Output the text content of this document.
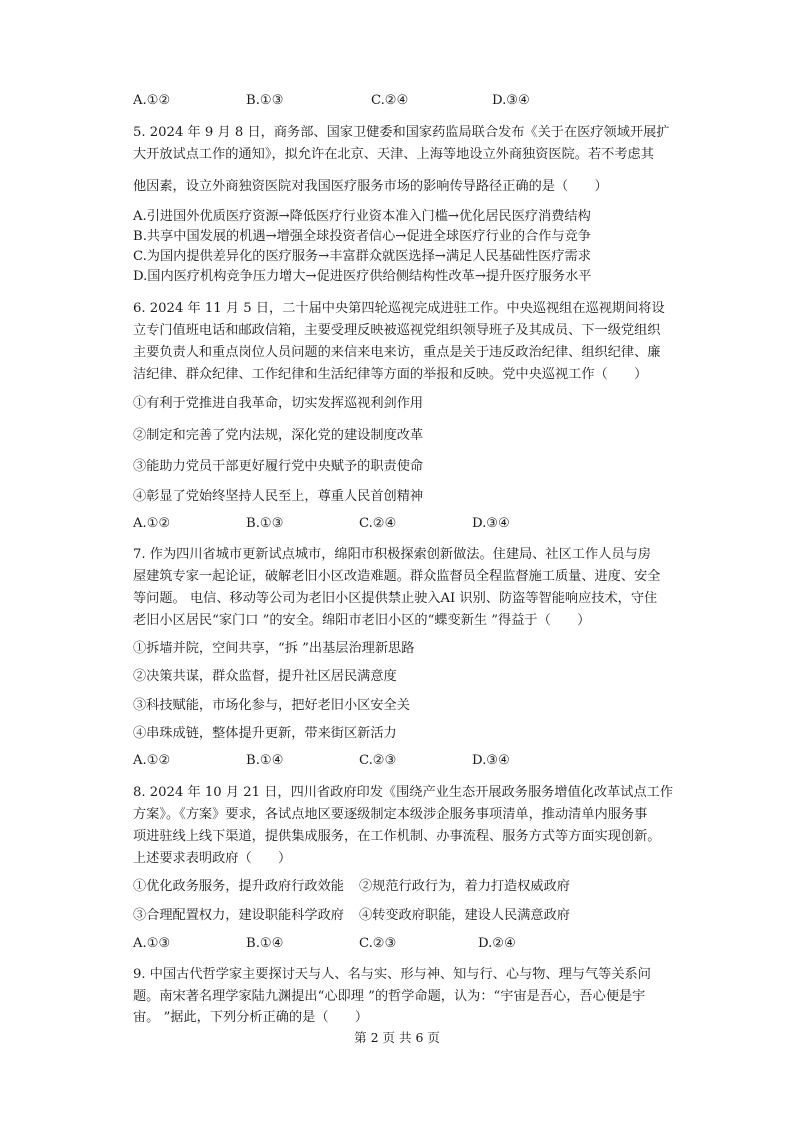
A.①②	B.①③	C.②④	D.③④
5. 2024 年 9 月 8 日，商务部、国家卫健委和国家药监局联合发布《关于在医疗领域开展扩
大开放试点工作的通知》，拟允许在北京、天津、上海等地设立外商独资医院。若不考虑其
他因素，设立外商独资医院对我国医疗服务市场的影响传导路径正确的是（　　）
A.引进国外优质医疗资源→降低医疗行业资本准入门槛→优化居民医疗消费结构
B.共享中国发展的机遇→增强全球投资者信心→促进全球医疗行业的合作与竞争
C.为国内提供差异化的医疗服务→丰富群众就医选择→满足人民基础性医疗需求
D.国内医疗机构竞争压力增大→促进医疗供给侧结构性改革→提升医疗服务水平
6. 2024 年 11 月 5 日，二十届中央第四轮巡视完成进驻工作。中央巡视组在巡视期间将设
立专门值班电话和邮政信箱，主要受理反映被巡视党组织领导班子及其成员、下一级党组织
主要负责人和重点岗位人员问题的来信来电来访，重点是关于违反政治纪律、组织纪律、廉
洁纪律、群众纪律、工作纪律和生活纪律等方面的举报和反映。党中央巡视工作（　　）
①有利于党推进自我革命，切实发挥巡视利剑作用
②制定和完善了党内法规，深化党的建设制度改革
③能助力党员干部更好履行党中央赋予的职责使命
④彰显了党始终坚持人民至上，尊重人民首创精神
A.①②	B.①③	C.②④	D.③④
7. 作为四川省城市更新试点城市，绵阳市积极探索创新做法。住建局、社区工作人员与房
屋建筑专家一起论证，破解老旧小区改造难题。群众监督员全程监督施工质量、进度、安全
等问题。 电信、移动等公司为老旧小区提供禁止驶入AI 识别、防盗等智能响应技术，守住
老旧小区居民“家门口 ”的安全。绵阳市老旧小区的“蝶变新生 ”得益于（　　）
①拆墙并院，空间共享，“拆 ”出基层治理新思路
②决策共谋，群众监督，提升社区居民满意度
③科技赋能，市场化参与，把好老旧小区安全关
④串珠成链，整体提升更新，带来街区新活力
A.①②	B.①④	C.②③	D.③④
8. 2024 年 10 月 21 日，四川省政府印发《围绕产业生态开展政务服务增值化改革试点工作
方案》。《方案》要求，各试点地区要逐级制定本级涉企服务事项清单，推动清单内服务事
项进驻线上线下渠道，提供集成服务，在工作机制、办事流程、服务方式等方面实现创新。
上述要求表明政府（　　）
①优化政务服务，提升政府行政效能 ②规范行政行为，着力打造权威政府
③合理配置权力，建设职能科学政府 ④转变政府职能，建设人民满意政府
A.①③	B.①④	C.②③	D.②④
9. 中国古代哲学家主要探讨天与人、名与实、形与神、知与行、心与物、理与气等关系问
题。南宋著名理学家陆九渊提出“心即理 ”的哲学命题，认为：“宇宙是吾心，吾心便是宇
宙。 ”据此，下列分析正确的是（　　）
第 2 页 共 6 页
